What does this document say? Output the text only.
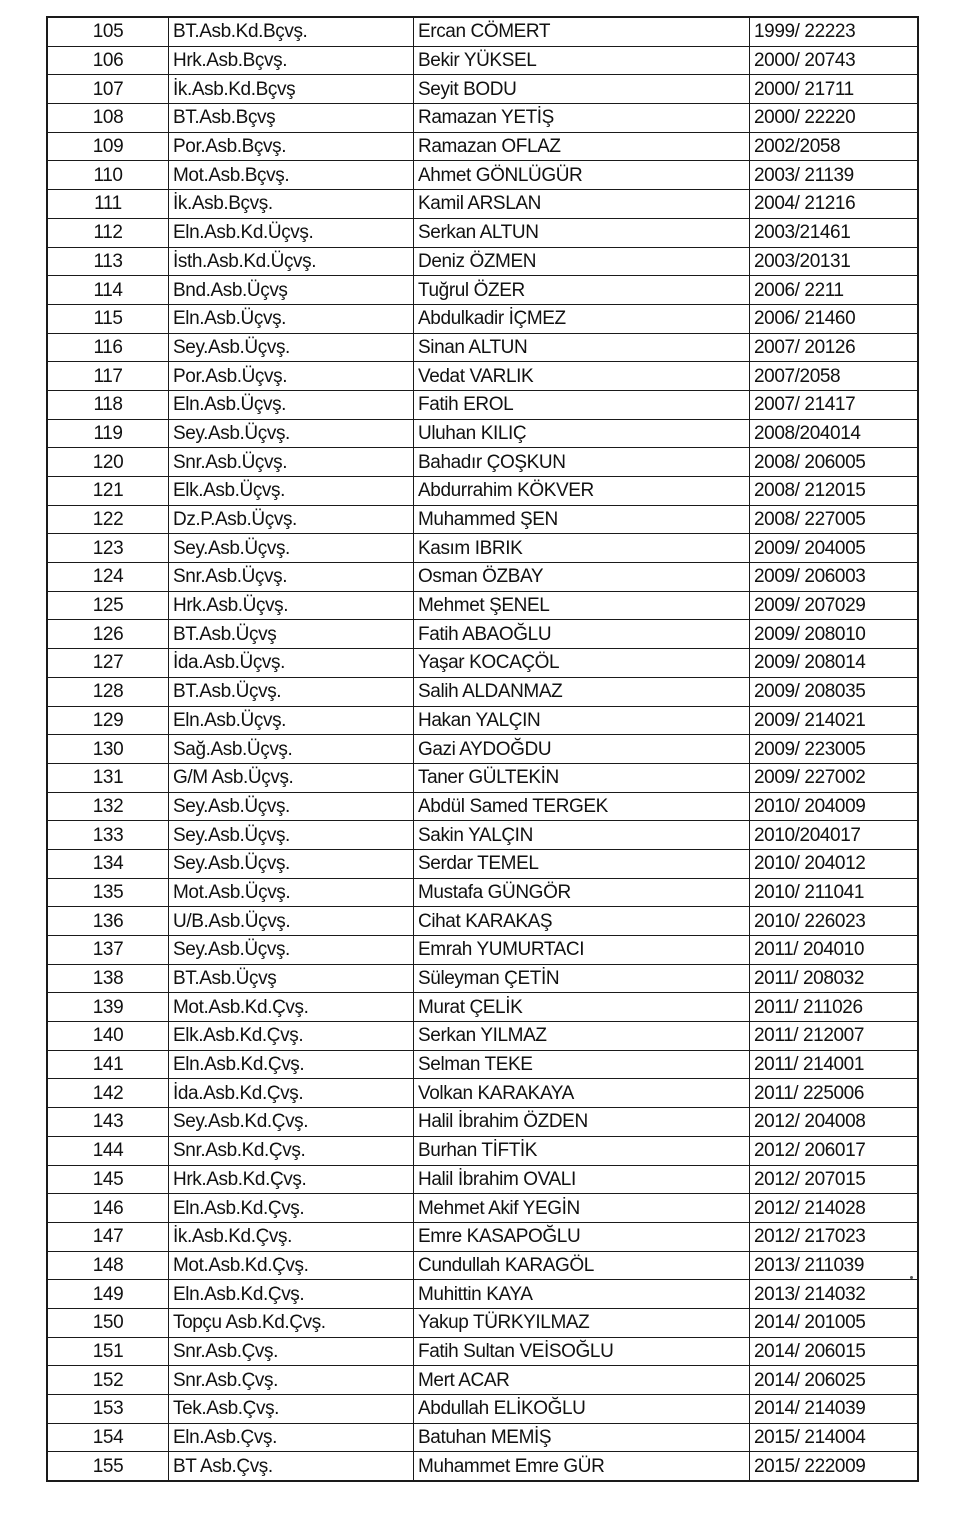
105	BT.Asb.Kd.Bçvş.	Ercan CÖMERT	1999/ 22223
106	Hrk.Asb.Bçvş.	Bekir YÜKSEL	2000/ 20743
107	İk.Asb.Kd.Bçvş	Seyit BODU	2000/ 21711
108	BT.Asb.Bçvş	Ramazan YETİŞ	2000/ 22220
109	Por.Asb.Bçvş.	Ramazan OFLAZ	2002/2058
110	Mot.Asb.Bçvş.	Ahmet GÖNLÜGÜR	2003/ 21139
111	İk.Asb.Bçvş.	Kamil ARSLAN	2004/ 21216
112	Eln.Asb.Kd.Üçvş.	Serkan ALTUN	2003/21461
113	İsth.Asb.Kd.Üçvş.	Deniz ÖZMEN	2003/20131
114	Bnd.Asb.Üçvş	Tuğrul ÖZER	2006/ 2211
115	Eln.Asb.Üçvş.	Abdulkadir İÇMEZ	2006/ 21460
116	Sey.Asb.Üçvş.	Sinan ALTUN	2007/ 20126
117	Por.Asb.Üçvş.	Vedat VARLIK	2007/2058
118	Eln.Asb.Üçvş.	Fatih EROL	2007/ 21417
119	Sey.Asb.Üçvş.	Uluhan KILIÇ	2008/204014
120	Snr.Asb.Üçvş.	Bahadır ÇOŞKUN	2008/ 206005
121	Elk.Asb.Üçvş.	Abdurrahim KÖKVER	2008/ 212015
122	Dz.P.Asb.Üçvş.	Muhammed ŞEN	2008/ 227005
123	Sey.Asb.Üçvş.	Kasım IBRIK	2009/ 204005
124	Snr.Asb.Üçvş.	Osman ÖZBAY	2009/ 206003
125	Hrk.Asb.Üçvş.	Mehmet ŞENEL	2009/ 207029
126	BT.Asb.Üçvş	Fatih ABAOĞLU	2009/ 208010
127	İda.Asb.Üçvş.	Yaşar KOCAÇÖL	2009/ 208014
128	BT.Asb.Üçvş.	Salih ALDANMAZ	2009/ 208035
129	Eln.Asb.Üçvş.	Hakan YALÇIN	2009/ 214021
130	Sağ.Asb.Üçvş.	Gazi AYDOĞDU	2009/ 223005
131	G/M Asb.Üçvş.	Taner GÜLTEKİN	2009/ 227002
132	Sey.Asb.Üçvş.	Abdül Samed TERGEK	2010/ 204009
133	Sey.Asb.Üçvş.	Sakin YALÇIN	2010/204017
134	Sey.Asb.Üçvş.	Serdar TEMEL	2010/ 204012
135	Mot.Asb.Üçvş.	Mustafa GÜNGÖR	2010/ 211041
136	U/B.Asb.Üçvş.	Cihat KARAKAŞ	2010/ 226023
137	Sey.Asb.Üçvş.	Emrah YUMURTACI	2011/ 204010
138	BT.Asb.Üçvş	Süleyman ÇETİN	2011/ 208032
139	Mot.Asb.Kd.Çvş.	Murat ÇELİK	2011/ 211026
140	Elk.Asb.Kd.Çvş.	Serkan YILMAZ	2011/ 212007
141	Eln.Asb.Kd.Çvş.	Selman TEKE	2011/ 214001
142	İda.Asb.Kd.Çvş.	Volkan KARAKAYA	2011/ 225006
143	Sey.Asb.Kd.Çvş.	Halil İbrahim ÖZDEN	2012/ 204008
144	Snr.Asb.Kd.Çvş.	Burhan TİFTİK	2012/ 206017
145	Hrk.Asb.Kd.Çvş.	Halil İbrahim OVALI	2012/ 207015
146	Eln.Asb.Kd.Çvş.	Mehmet Akif YEGİN	2012/ 214028
147	İk.Asb.Kd.Çvş.	Emre KASAPOĞLU	2012/ 217023
148	Mot.Asb.Kd.Çvş.	Cundullah KARAGÖL	2013/ 211039
149	Eln.Asb.Kd.Çvş.	Muhittin KAYA	2013/ 214032
150	Topçu Asb.Kd.Çvş.	Yakup TÜRKYILMAZ	2014/ 201005
151	Snr.Asb.Çvş.	Fatih Sultan VEİSOĞLU	2014/ 206015
152	Snr.Asb.Çvş.	Mert ACAR	2014/ 206025
153	Tek.Asb.Çvş.	Abdullah ELİKOĞLU	2014/ 214039
154	Eln.Asb.Çvş.	Batuhan MEMİŞ	2015/ 214004
155	BT Asb.Çvş.	Muhammet Emre GÜR	2015/ 222009
